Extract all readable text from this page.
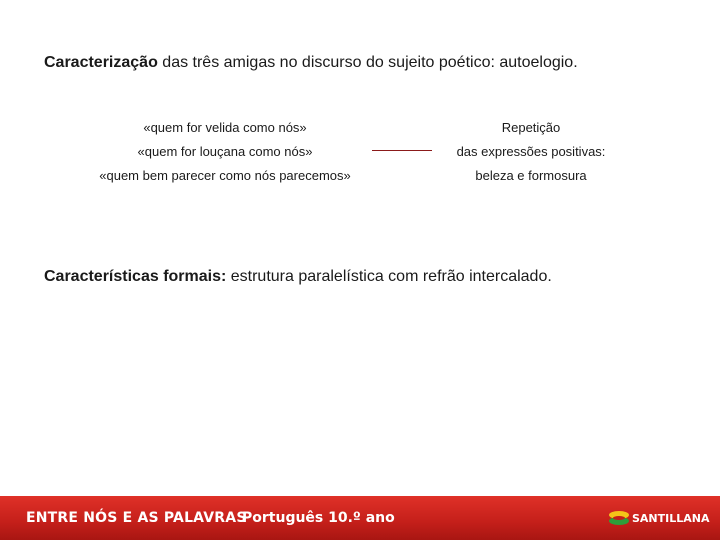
Caracterização das três amigas no discurso do sujeito poético: autoelogio.
«quem for velida como nós»
«quem for louçana como nós»
«quem bem parecer como nós parecemos»
Repetição
das expressões positivas:
beleza e formosura
Características formais: estrutura paralelística com refrão intercalado.
ENTRE NÓS E AS PALAVRAS
Português 10.º ano	SANTILLANA
